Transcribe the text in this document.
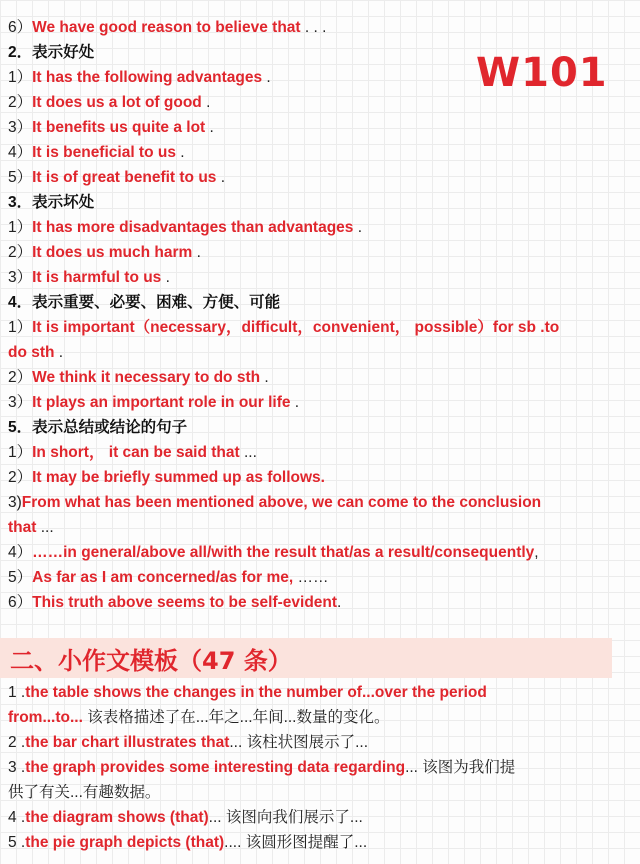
W101
6）We have good reason to believe that . . .
2．表示好处
1）It has the following advantages .
2）It does us a lot of good .
3）It benefits us quite a lot .
4）It is beneficial to us .
5）It is of great benefit to us .
3．表示坏处
1）It has more disadvantages than advantages .
2）It does us much harm .
3）It is harmful to us .
4．表示重要、必要、困难、方便、可能
1）It is important（necessary，difficult，convenient， possible）for sb .to
do sth .
2）We think it necessary to do sth .
3）It plays an important role in our life .
5．表示总结或结论的句子
1）In short， it can be said that ...
2）It may be briefly summed up as follows.
3)From what has been mentioned above, we can come to the conclusion
that ...
4）……in general/above all/with the result that/as a result/consequently,
5）As far as I am concerned/as for me, ……
6）This truth above seems to be self-evident.
二、小作文模板（47 条）
1 .the table shows the changes in the number of...over the period
from...to... 该表格描述了在...年之...年间...数量的变化。
2 .the bar chart illustrates that... 该柱状图展示了...
3 .the graph provides some interesting data regarding... 该图为我们提
供了有关...有趣数据。
4 .the diagram shows (that)... 该图向我们展示了...
5 .the pie graph depicts (that).... 该圆形图提醒了...
